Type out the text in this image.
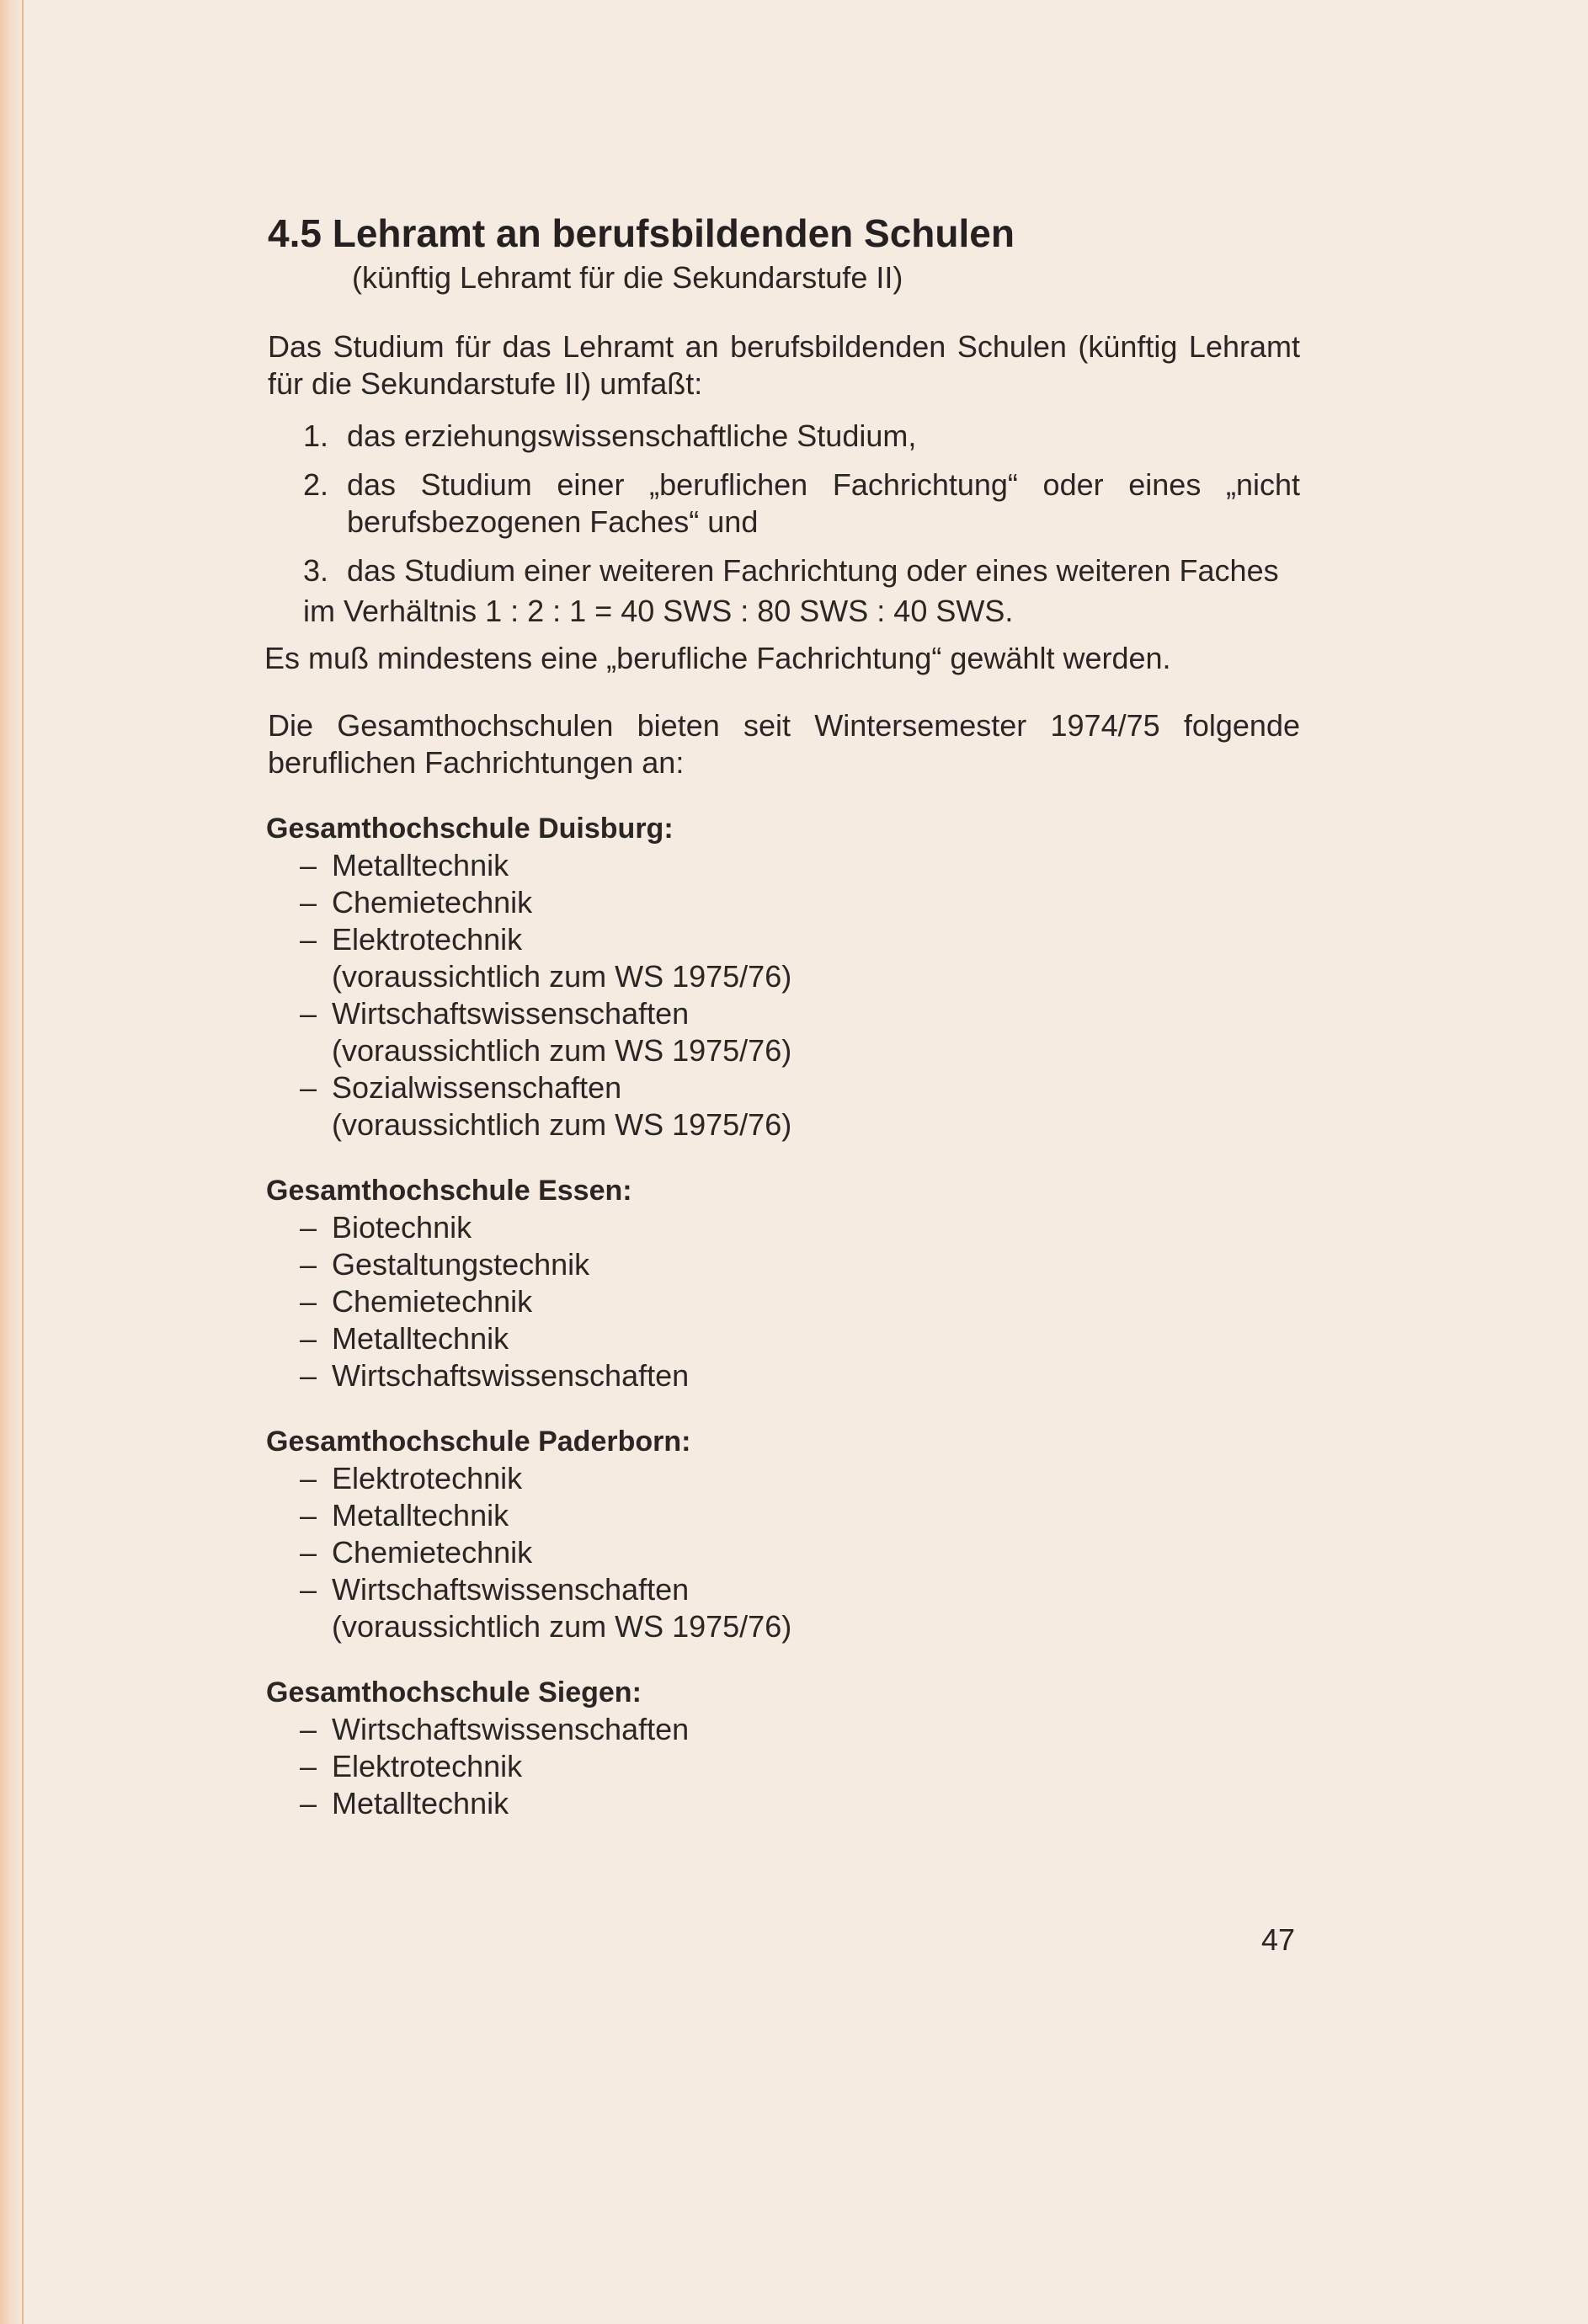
4.5 Lehramt an berufsbildenden Schulen
(künftig Lehramt für die Sekundarstufe II)

Das Studium für das Lehramt an berufsbildenden Schulen (künftig Lehramt für die Sekundarstufe II) umfaßt:

1. das erziehungswissenschaftliche Studium,
2. das Studium einer „beruflichen Fachrichtung“ oder eines „nicht berufsbezogenen Faches“ und
3. das Studium einer weiteren Fachrichtung oder eines weiteren Faches
im Verhältnis 1 : 2 : 1 = 40 SWS : 80 SWS : 40 SWS.
Es muß mindestens eine „berufliche Fachrichtung“ gewählt werden.

Die Gesamthochschulen bieten seit Wintersemester 1974/75 folgende beruflichen Fachrichtungen an:

Gesamthochschule Duisburg:
– Metalltechnik
– Chemietechnik
– Elektrotechnik
(voraussichtlich zum WS 1975/76)
– Wirtschaftswissenschaften
(voraussichtlich zum WS 1975/76)
– Sozialwissenschaften
(voraussichtlich zum WS 1975/76)
Gesamthochschule Essen:
– Biotechnik
– Gestaltungstechnik
– Chemietechnik
– Metalltechnik
– Wirtschaftswissenschaften
Gesamthochschule Paderborn:
– Elektrotechnik
– Metalltechnik
– Chemietechnik
– Wirtschaftswissenschaften
(voraussichtlich zum WS 1975/76)
Gesamthochschule Siegen:
– Wirtschaftswissenschaften
– Elektrotechnik
– Metalltechnik
47
